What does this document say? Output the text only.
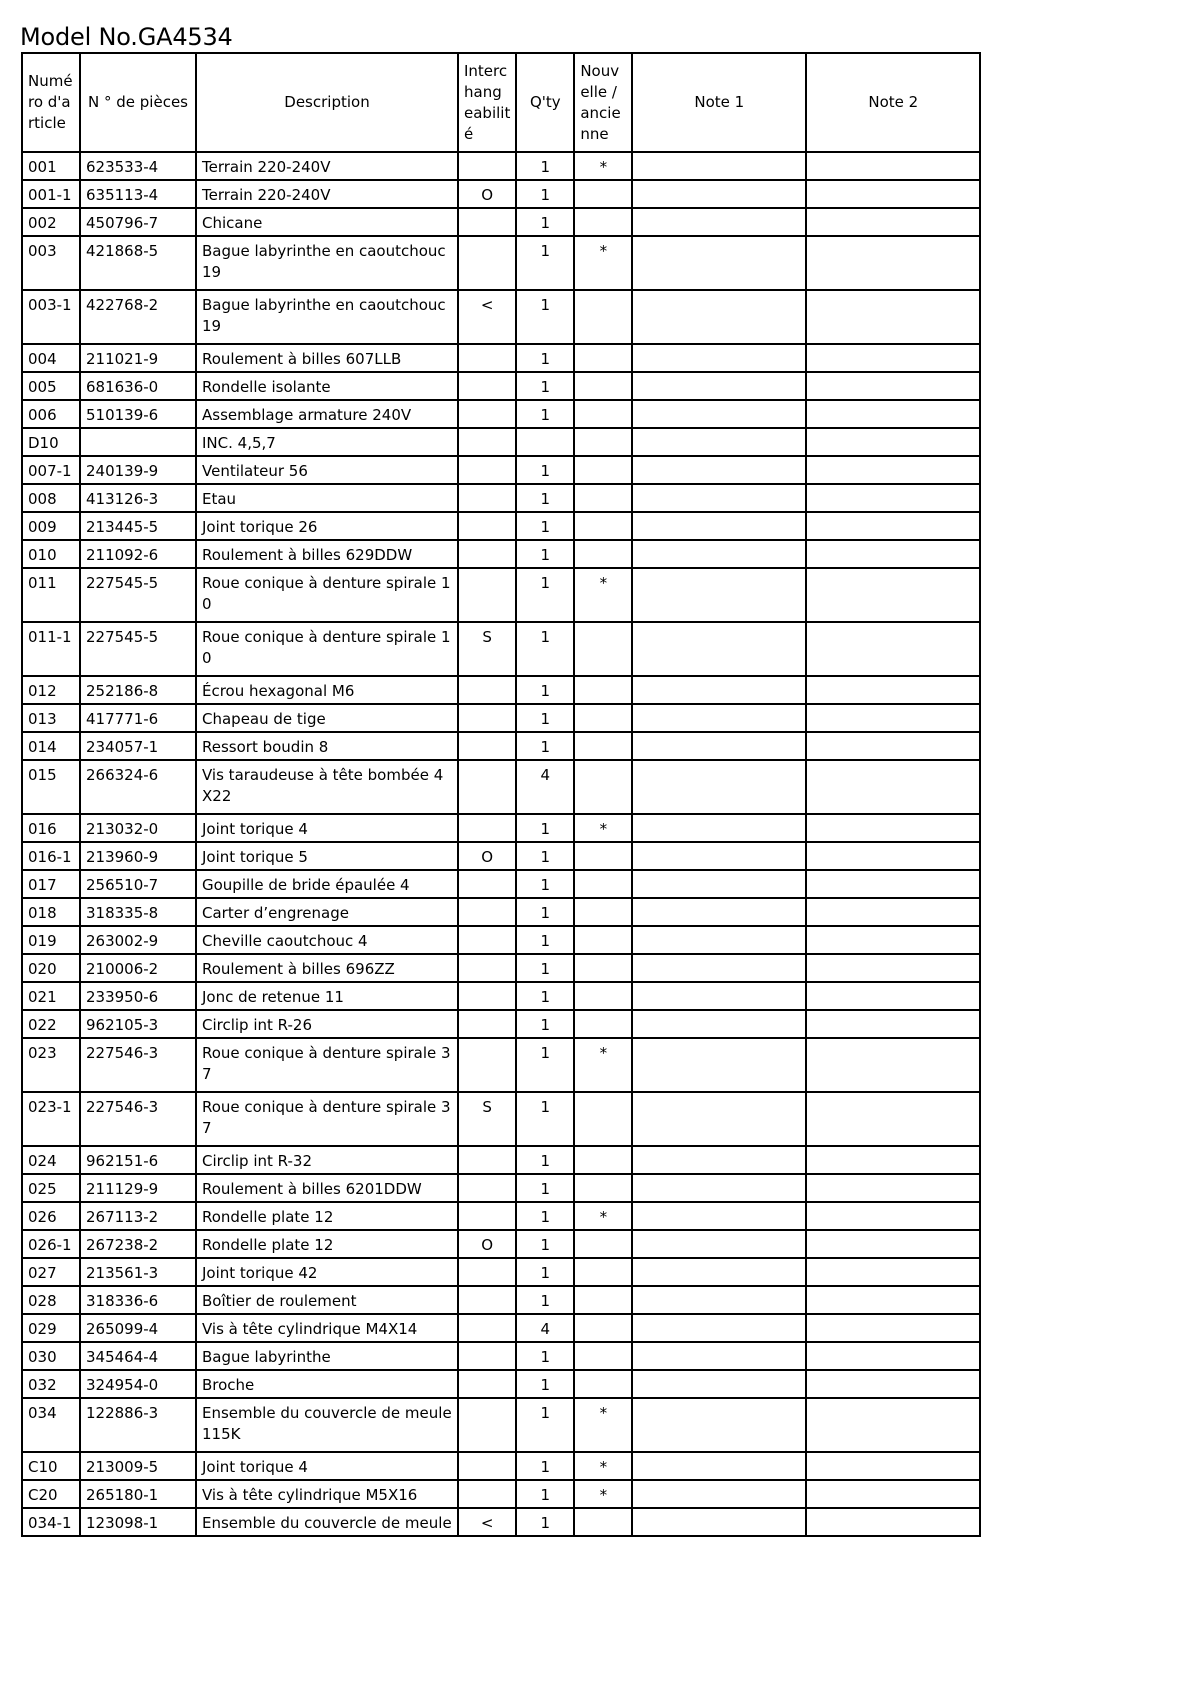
Model No.GA4534
Numé ro d'a rticle	N ° de pièces	Description	Interc hang eabilit é	Q'ty	Nouv elle / ancie nne	Note 1	Note 2
001	623533-4	Terrain 220-240V		1	*		
001-1	635113-4	Terrain 220-240V	O	1			
002	450796-7	Chicane		1			
003	421868-5	Bague labyrinthe en caoutchouc 19		1	*		
003-1	422768-2	Bague labyrinthe en caoutchouc 19	<	1			
004	211021-9	Roulement à billes 607LLB		1			
005	681636-0	Rondelle isolante		1			
006	510139-6	Assemblage armature 240V		1			
D10		INC. 4,5,7					
007-1	240139-9	Ventilateur 56		1			
008	413126-3	Etau		1			
009	213445-5	Joint torique 26		1			
010	211092-6	Roulement à billes 629DDW		1			
011	227545-5	Roue conique à denture spirale 10		1	*		
011-1	227545-5	Roue conique à denture spirale 10	S	1			
012	252186-8	Écrou hexagonal M6		1			
013	417771-6	Chapeau de tige		1			
014	234057-1	Ressort boudin 8		1			
015	266324-6	Vis taraudeuse à tête bombée 4X22		4			
016	213032-0	Joint torique 4		1	*		
016-1	213960-9	Joint torique 5	O	1			
017	256510-7	Goupille de bride épaulée 4		1			
018	318335-8	Carter d’engrenage		1			
019	263002-9	Cheville caoutchouc 4		1			
020	210006-2	Roulement à billes 696ZZ		1			
021	233950-6	Jonc de retenue 11		1			
022	962105-3	Circlip int R-26		1			
023	227546-3	Roue conique à denture spirale 37		1	*		
023-1	227546-3	Roue conique à denture spirale 37	S	1			
024	962151-6	Circlip int R-32		1			
025	211129-9	Roulement à billes 6201DDW		1			
026	267113-2	Rondelle plate 12		1	*		
026-1	267238-2	Rondelle plate 12	O	1			
027	213561-3	Joint torique 42		1			
028	318336-6	Boîtier de roulement		1			
029	265099-4	Vis à tête cylindrique M4X14		4			
030	345464-4	Bague labyrinthe		1			
032	324954-0	Broche		1			
034	122886-3	Ensemble du couvercle de meule 115K		1	*		
C10	213009-5	Joint torique 4		1	*		
C20	265180-1	Vis à tête cylindrique M5X16		1	*		
034-1	123098-1	Ensemble du couvercle de meule	<	1			
